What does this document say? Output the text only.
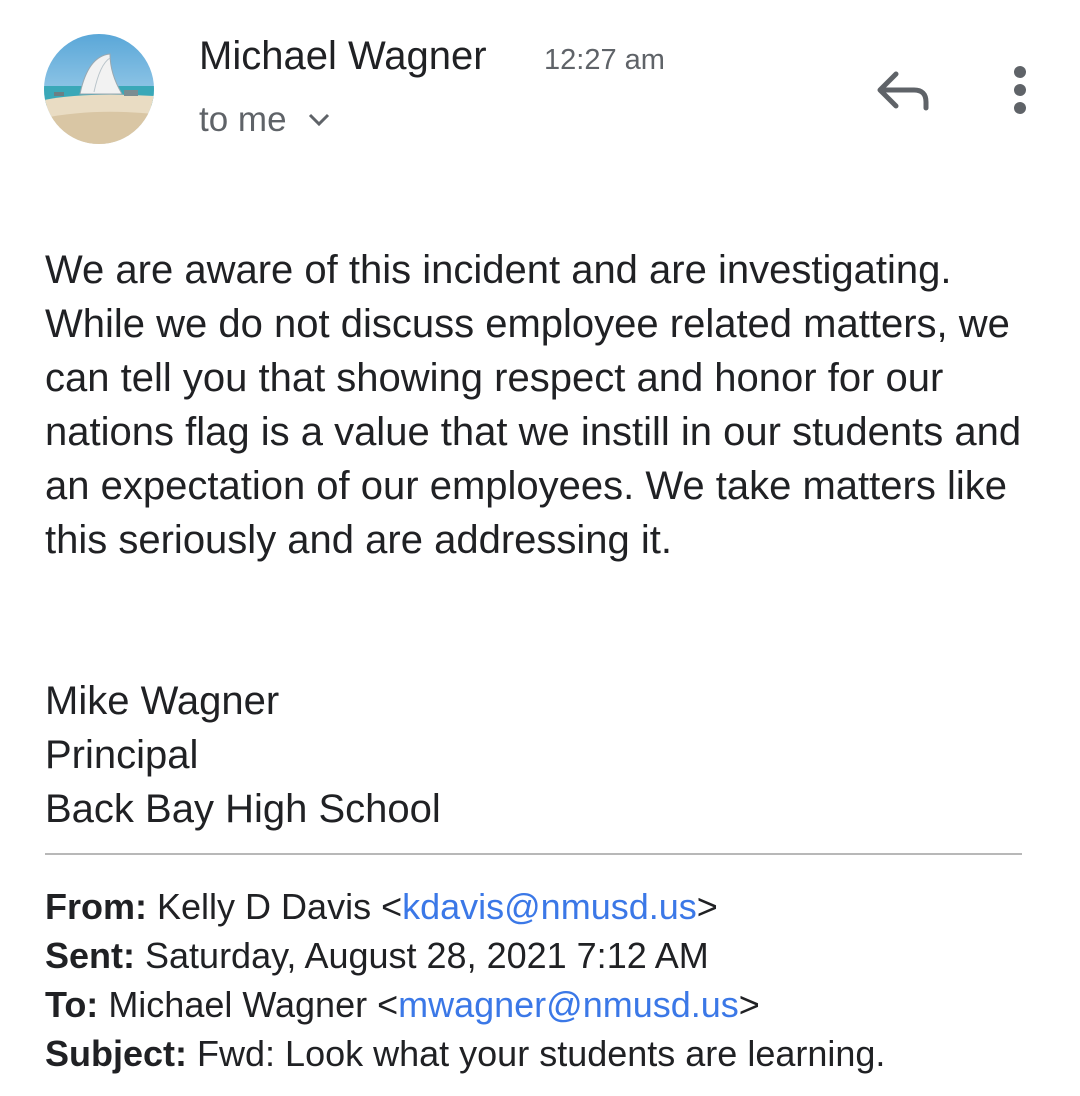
Michael Wagner 12:27 am
to me

We are aware of this incident and are investigating. While we do not discuss employee related matters, we can tell you that showing respect and honor for our nations flag is a value that we instill in our students and an expectation of our employees. We take matters like this seriously and are addressing it.

Mike Wagner
Principal
Back Bay High School
From: Kelly D Davis <kdavis@nmusd.us>
Sent: Saturday, August 28, 2021 7:12 AM
To: Michael Wagner <mwagner@nmusd.us>
Subject: Fwd: Look what your students are learning.
